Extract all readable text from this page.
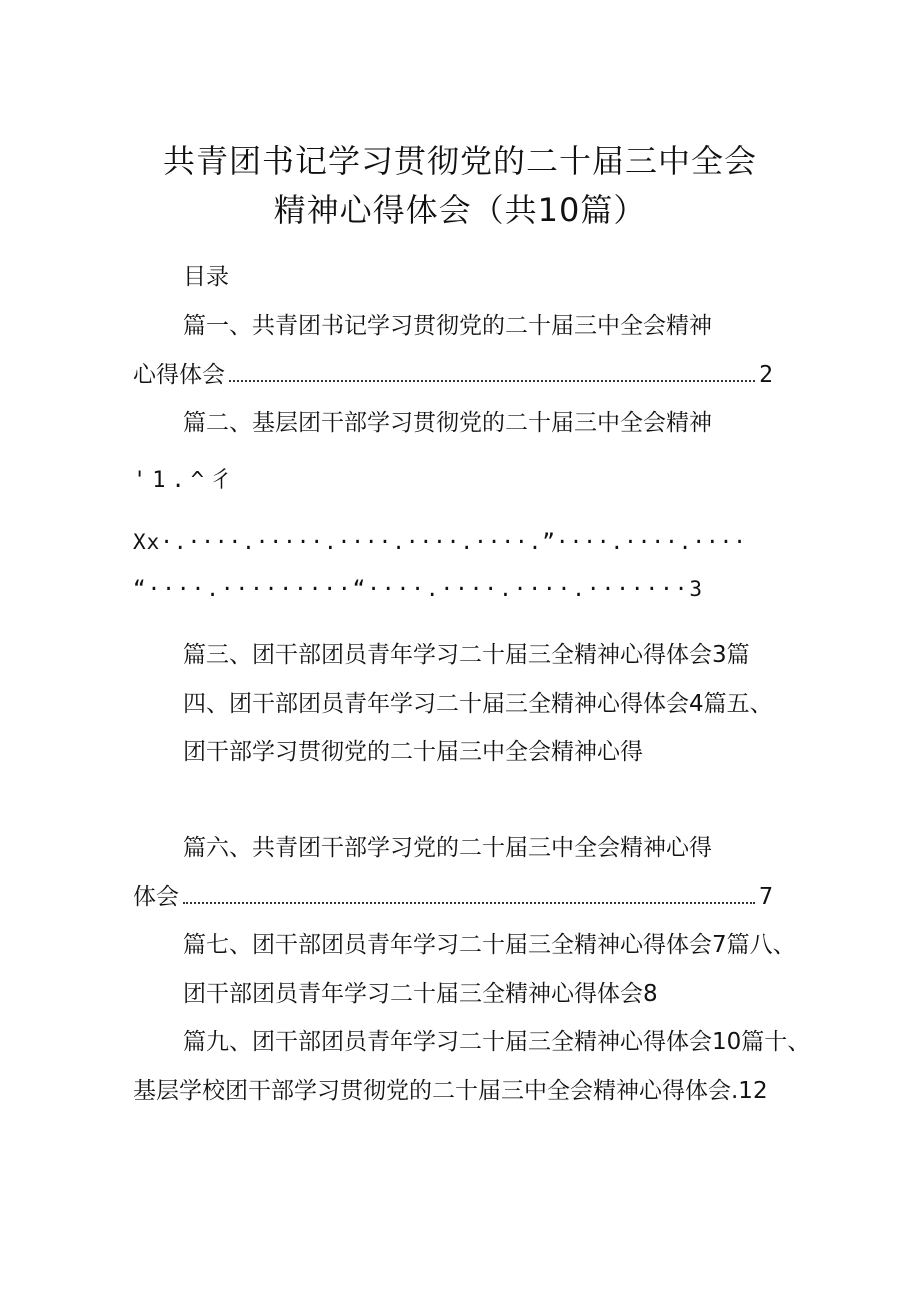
共青团书记学习贯彻党的二十届三中全会
精神心得体会（共10篇）
目录
篇一、共青团书记学习贯彻党的二十届三中全会精神
心得体会	2
篇二、基层团干部学习贯彻党的二十届三中全会精神
'1.^彳
Xx·.····.·····.····.····.····.”····.····.····
“····.·········“····.····.····.·······3
篇三、团干部团员青年学习二十届三全精神心得体会3篇
四、团干部团员青年学习二十届三全精神心得体会4篇五、
团干部学习贯彻党的二十届三中全会精神心得
篇六、共青团干部学习党的二十届三中全会精神心得
体会	7
篇七、团干部团员青年学习二十届三全精神心得体会7篇八、
团干部团员青年学习二十届三全精神心得体会8
篇九、团干部团员青年学习二十届三全精神心得体会10篇十、
基层学校团干部学习贯彻党的二十届三中全会精神心得体会.12
